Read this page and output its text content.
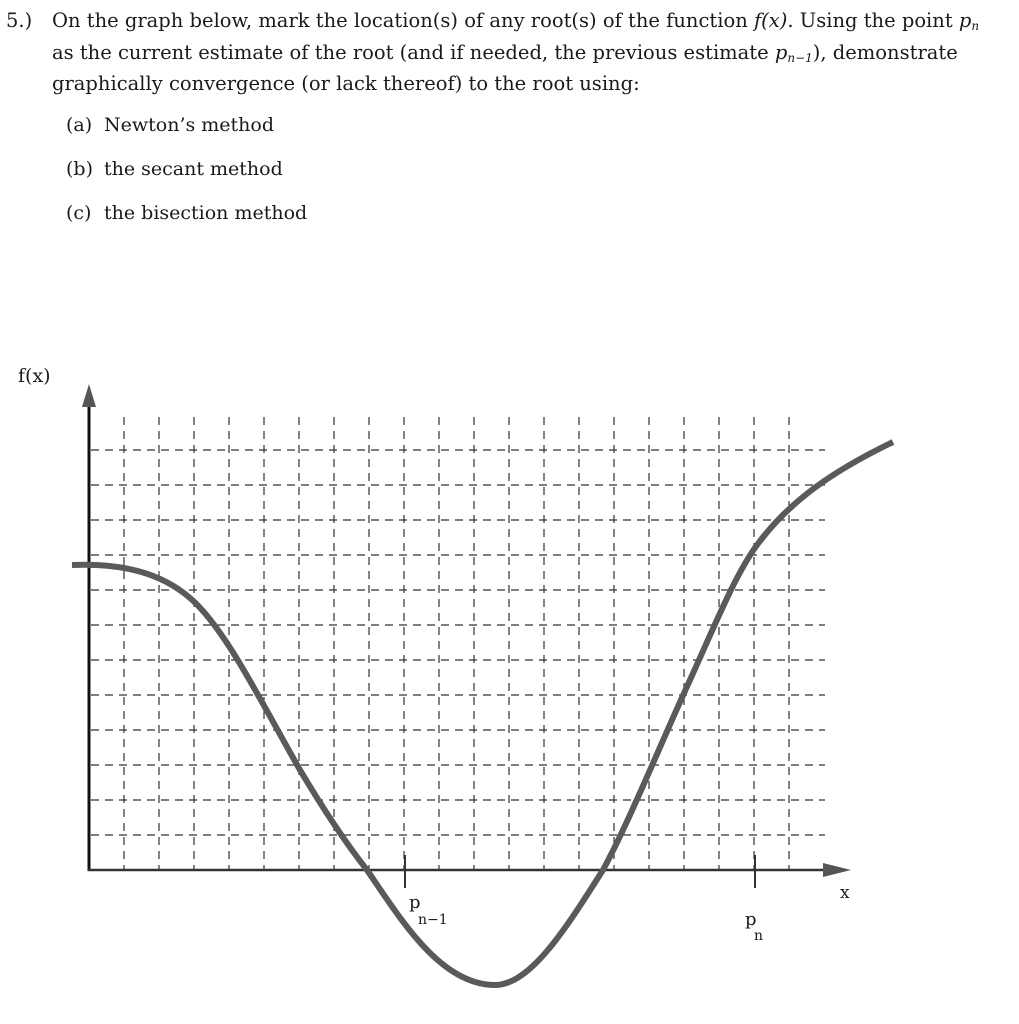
5.) On the graph below, mark the location(s) of any root(s) of the function f(x). Using the point $p_n$ as the current estimate of the root (and if needed, the previous estimate $p_{n-1}$), demonstrate graphically convergence (or lack thereof) to the root using:
(a) Newton’s method
(b) the secant method
(c) the bisection method
f(x)
x
p
n−1	p
n
